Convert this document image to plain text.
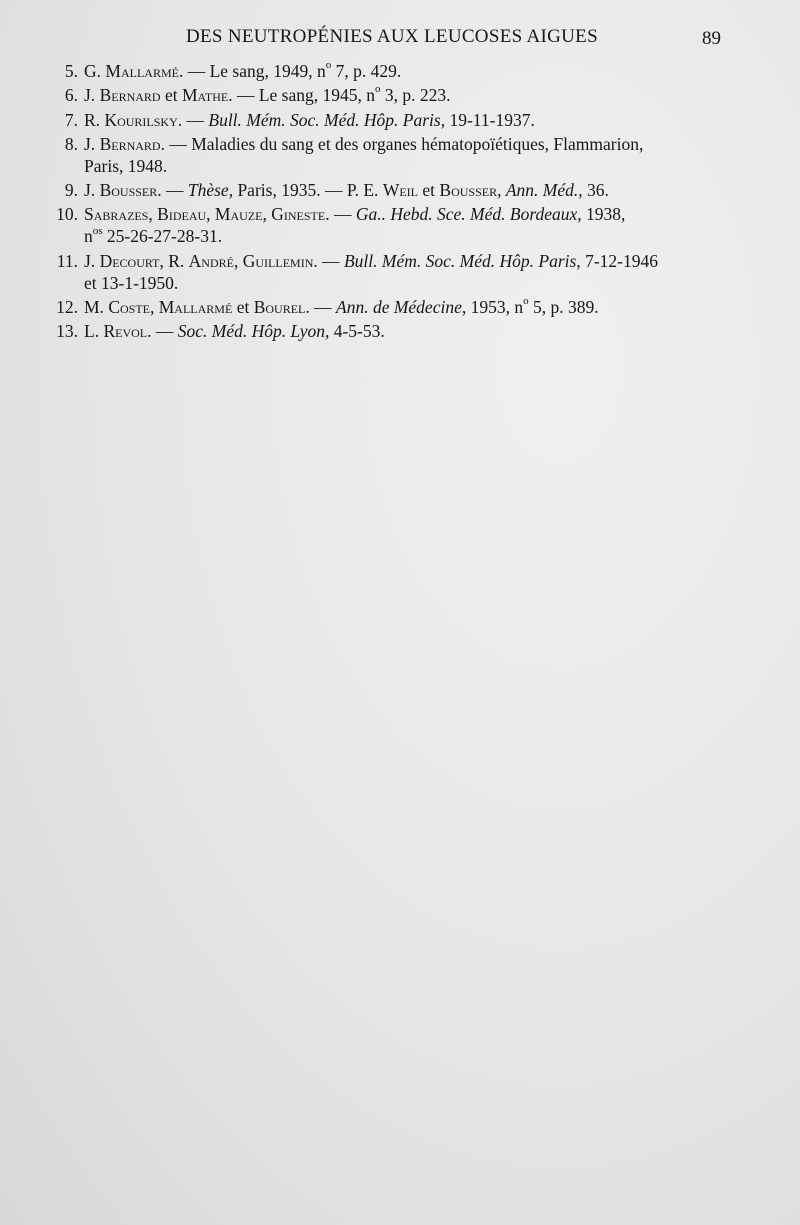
DES NEUTROPÉNIES AUX LEUCOSES AIGUES	89
5. G. Mallarmé. — Le sang, 1949, $n^o$ 7, p. 429.
6. J. Bernard et Mathe. — Le sang, 1945, $n^o$ 3, p. 223.
7. R. Kourilsky. — Bull. Mém. Soc. Méd. Hôp. Paris, 19-11-1937.
8. J. Bernard. — Maladies du sang et des organes hématopoïétiques, Flammarion,
Paris, 1948.
9. J. Bousser. — Thèse, Paris, 1935. — P. E. Weil et Bousser, Ann. Méd., 36.
10. Sabrazes, Bideau, Mauze, Gineste. — Ga.. Hebd. Sce. Méd. Bordeaux, 1938,
$n^{os}$ 25-26-27-28-31.
11. J. Decourt, R. André, Guillemin. — Bull. Mém. Soc. Méd. Hôp. Paris, 7-12-1946
et 13-1-1950.
12. M. Coste, Mallarmé et Bourel. — Ann. de Médecine, 1953, $n^o$ 5, p. 389.
13. L. Revol. — Soc. Méd. Hôp. Lyon, 4-5-53.
